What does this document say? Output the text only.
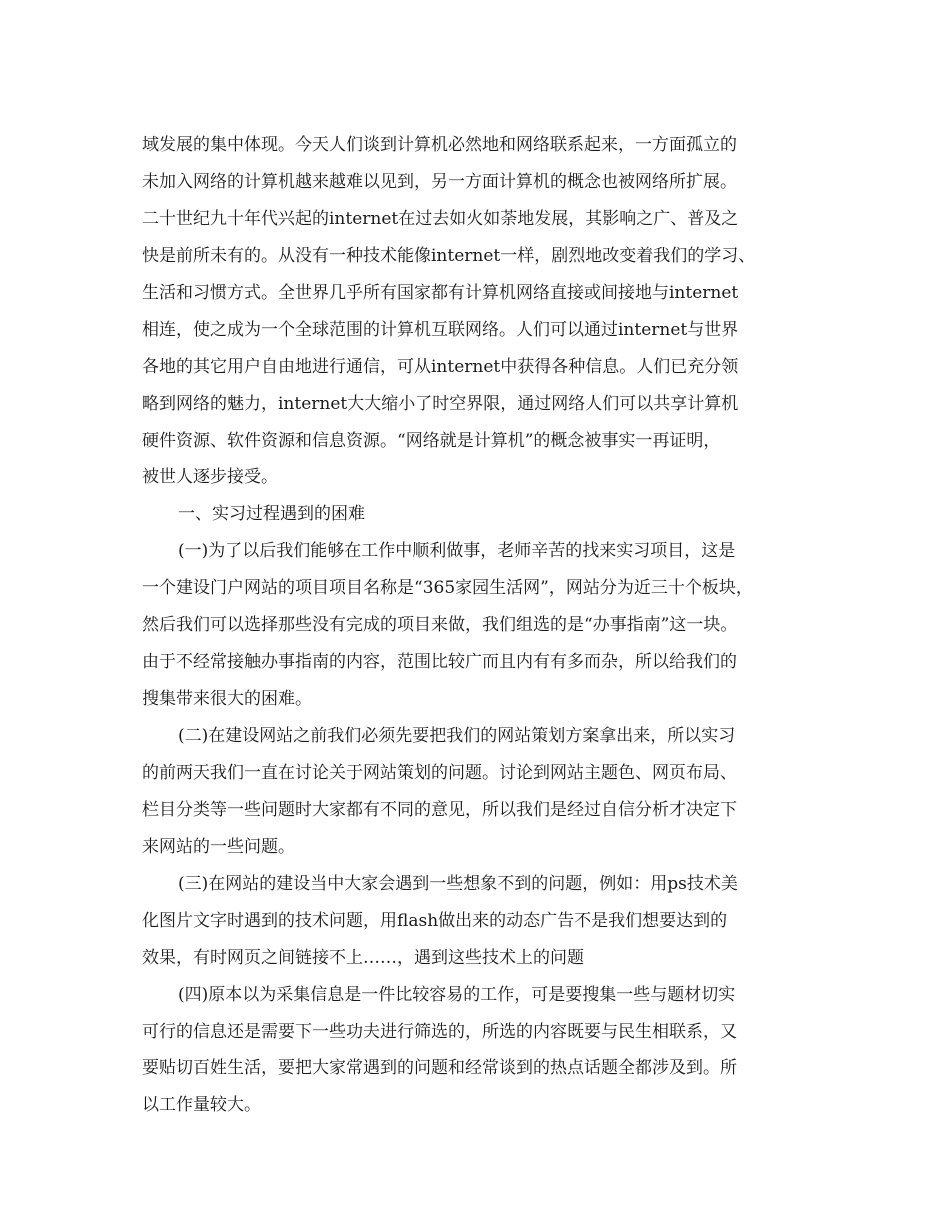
域发展的集中体现。今天人们谈到计算机必然地和网络联系起来，一方面孤立的
未加入网络的计算机越来越难以见到，另一方面计算机的概念也被网络所扩展。
二十世纪九十年代兴起的internet在过去如火如荼地发展，其影响之广、普及之
快是前所未有的。从没有一种技术能像internet一样，剧烈地改变着我们的学习、
生活和习惯方式。全世界几乎所有国家都有计算机网络直接或间接地与internet
相连，使之成为一个全球范围的计算机互联网络。人们可以通过internet与世界
各地的其它用户自由地进行通信，可从internet中获得各种信息。人们已充分领
略到网络的魅力，internet大大缩小了时空界限，通过网络人们可以共享计算机
硬件资源、软件资源和信息资源。“网络就是计算机”的概念被事实一再证明，
被世人逐步接受。
一、实习过程遇到的困难
(一)为了以后我们能够在工作中顺利做事，老师辛苦的找来实习项目，这是
一个建设门户网站的项目项目名称是“365家园生活网”，网站分为近三十个板块，
然后我们可以选择那些没有完成的项目来做，我们组选的是“办事指南”这一块。
由于不经常接触办事指南的内容，范围比较广而且内有有多而杂，所以给我们的
搜集带来很大的困难。
(二)在建设网站之前我们必须先要把我们的网站策划方案拿出来，所以实习
的前两天我们一直在讨论关于网站策划的问题。讨论到网站主题色、网页布局、
栏目分类等一些问题时大家都有不同的意见，所以我们是经过自信分析才决定下
来网站的一些问题。
(三)在网站的建设当中大家会遇到一些想象不到的问题，例如：用ps技术美
化图片文字时遇到的技术问题，用flash做出来的动态广告不是我们想要达到的
效果，有时网页之间链接不上……，遇到这些技术上的问题
(四)原本以为采集信息是一件比较容易的工作，可是要搜集一些与题材切实
可行的信息还是需要下一些功夫进行筛选的，所选的内容既要与民生相联系，又
要贴切百姓生活，要把大家常遇到的问题和经常谈到的热点话题全都涉及到。所
以工作量较大。
